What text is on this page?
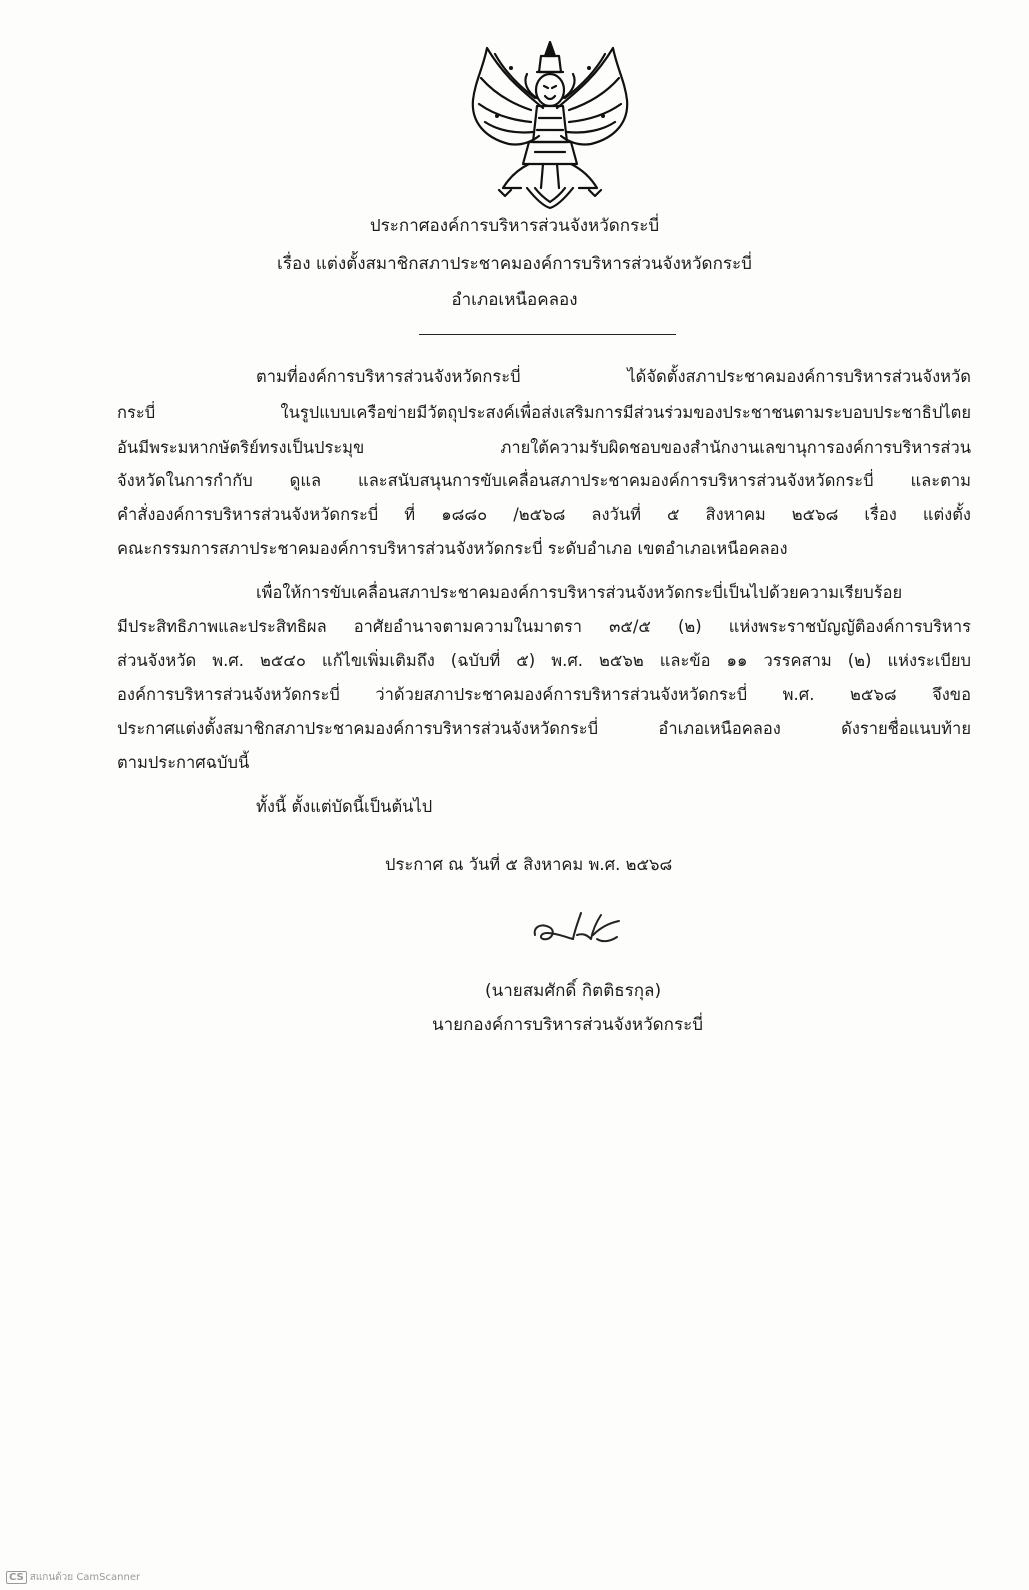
ประกาศองค์การบริหารส่วนจังหวัดกระบี่
เรื่อง แต่งตั้งสมาชิกสภาประชาคมองค์การบริหารส่วนจังหวัดกระบี่
อำเภอเหนือคลอง
ตามที่องค์การบริหารส่วนจังหวัดกระบี่ ได้จัดตั้งสภาประชาคมองค์การบริหารส่วนจังหวัด
กระบี่ ในรูปแบบเครือข่ายมีวัตถุประสงค์เพื่อส่งเสริมการมีส่วนร่วมของประชาชนตามระบอบประชาธิปไตย
อันมีพระมหากษัตริย์ทรงเป็นประมุข ภายใต้ความรับผิดชอบของสำนักงานเลขานุการองค์การบริหารส่วน
จังหวัดในการกำกับ ดูแล และสนับสนุนการขับเคลื่อนสภาประชาคมองค์การบริหารส่วนจังหวัดกระบี่ และตาม
คำสั่งองค์การบริหารส่วนจังหวัดกระบี่ ที่ ๑๘๘๐ /๒๕๖๘ ลงวันที่ ๕ สิงหาคม ๒๕๖๘ เรื่อง แต่งตั้ง
คณะกรรมการสภาประชาคมองค์การบริหารส่วนจังหวัดกระบี่ ระดับอำเภอ เขตอำเภอเหนือคลอง
เพื่อให้การขับเคลื่อนสภาประชาคมองค์การบริหารส่วนจังหวัดกระบี่เป็นไปด้วยความเรียบร้อย
มีประสิทธิภาพและประสิทธิผล อาศัยอำนาจตามความในมาตรา ๓๕/๕ (๒) แห่งพระราชบัญญัติองค์การบริหาร
ส่วนจังหวัด พ.ศ. ๒๕๔๐ แก้ไขเพิ่มเติมถึง (ฉบับที่ ๕) พ.ศ. ๒๕๖๒ และข้อ ๑๑ วรรคสาม (๒) แห่งระเบียบ
องค์การบริหารส่วนจังหวัดกระบี่ ว่าด้วยสภาประชาคมองค์การบริหารส่วนจังหวัดกระบี่ พ.ศ. ๒๕๖๘ จึงขอ
ประกาศแต่งตั้งสมาชิกสภาประชาคมองค์การบริหารส่วนจังหวัดกระบี่ อำเภอเหนือคลอง ดังรายชื่อแนบท้าย
ตามประกาศฉบับนี้
ทั้งนี้ ตั้งแต่บัดนี้เป็นต้นไป
ประกาศ ณ วันที่ ๕ สิงหาคม พ.ศ. ๒๕๖๘
(นายสมศักดิ์ กิตติธรกุล)
นายกองค์การบริหารส่วนจังหวัดกระบี่
CS สแกนด้วย CamScanner
